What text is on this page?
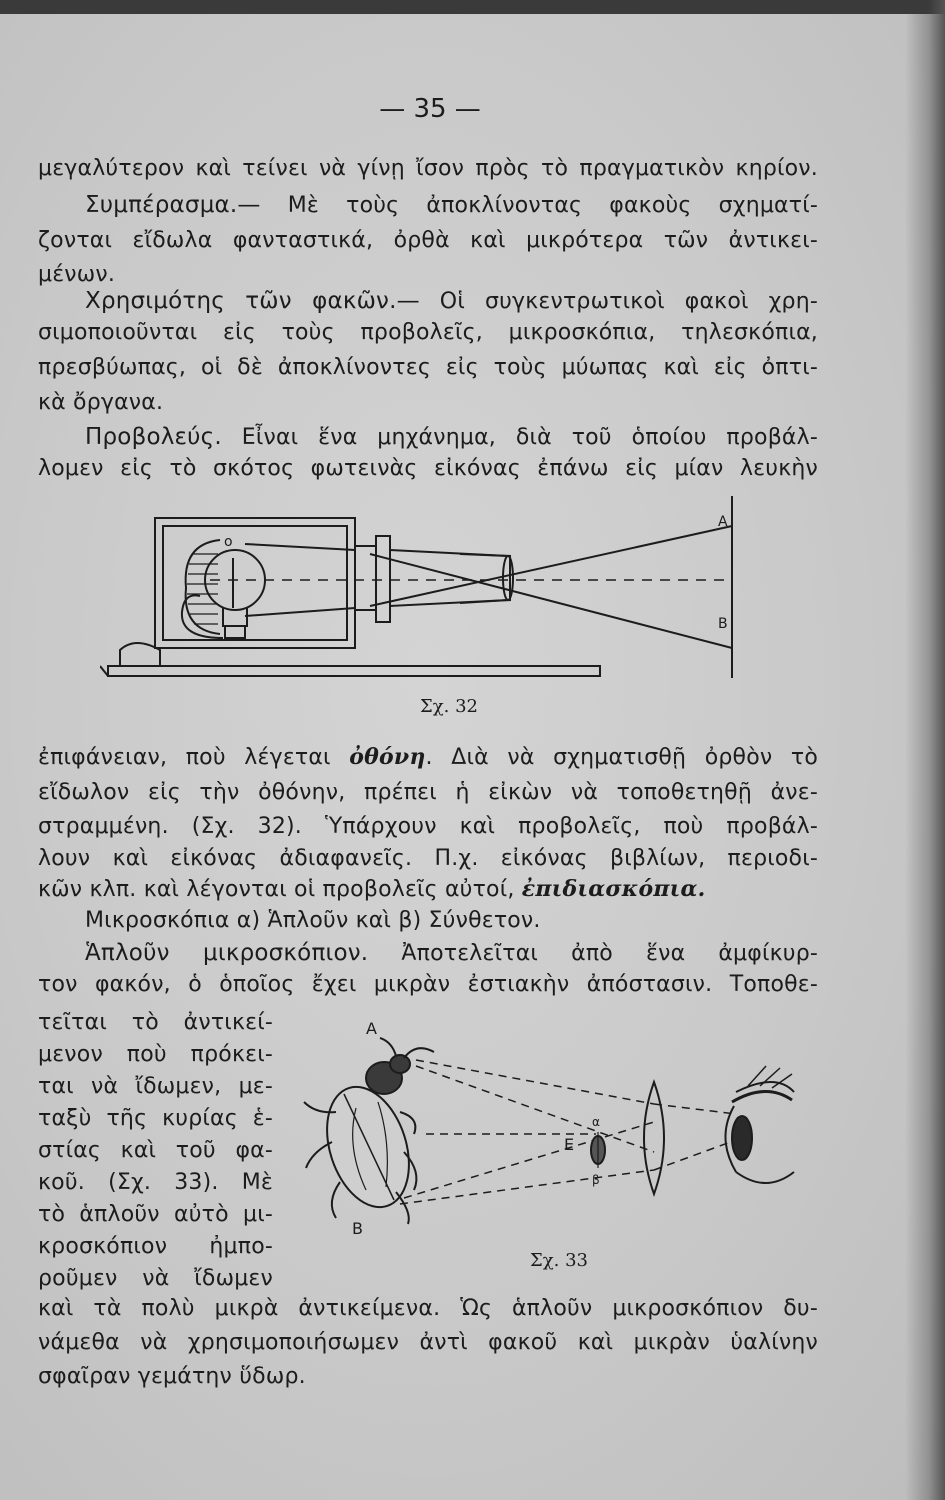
— 35 —
μεγαλύτερον καὶ τείνει νὰ γίνῃ ἴσον πρὸς τὸ πραγματικὸν κηρίον.
Συμπέρασμα.— Μὲ τοὺς ἀποκλίνοντας φακοὺς σχηματί-
ζονται εἴδωλα φανταστικά, ὀρθὰ καὶ μικρότερα τῶν ἀντικει-
μένων.
Χρησιμότης τῶν φακῶν.— Οἱ συγκεντρωτικοὶ φακοὶ χρη-
σιμοποιοῦνται εἰς τοὺς προβολεῖς, μικροσκόπια, τηλεσκόπια,
πρεσβύωπας, οἱ δὲ ἀποκλίνοντες εἰς τοὺς μύωπας καὶ εἰς ὀπτι-
κὰ ὄργανα.
Προβολεύς. Εἶναι ἕνα μηχάνημα, διὰ τοῦ ὁποίου προβάλ-
λομεν εἰς τὸ σκότος φωτεινὰς εἰκόνας ἐπάνω εἰς μίαν λευκὴν
o
A
B
Σχ. 32
ἐπιφάνειαν, ποὺ λέγεται ὀθόνη. Διὰ νὰ σχηματισθῇ ὀρθὸν τὸ
εἴδωλον εἰς τὴν ὀθόνην, πρέπει ἡ εἰκὼν νὰ τοποθετηθῇ ἀνε-
στραμμένη. (Σχ. 32). Ὑπάρχουν καὶ προβολεῖς, ποὺ προβάλ-
λουν καὶ εἰκόνας ἀδιαφανεῖς. Π.χ. εἰκόνας βιβλίων, περιοδι-
κῶν κλπ. καὶ λέγονται οἱ προβολεῖς αὐτοί, ἐπιδιασκόπια.
Μικροσκόπια α) Ἁπλοῦν καὶ β) Σύνθετον.
Ἁπλοῦν μικροσκόπιον. Ἀποτελεῖται ἀπὸ ἕνα ἀμφίκυρ-
τον φακόν, ὁ ὁποῖος ἔχει μικρὰν ἐστιακὴν ἀπόστασιν. Τοποθε-
τεῖται τὸ ἀντικεί-
μενον ποὺ πρόκει-
ται νὰ ἴδωμεν, με-
ταξὺ τῆς κυρίας ἑ-
στίας καὶ τοῦ φα-
κοῦ. (Σχ. 33). Μὲ
τὸ ἁπλοῦν αὐτὸ μι-
κροσκόπιον ἠμπο-
ροῦμεν νὰ ἴδωμεν
Α
Β
Ε
α
β
Σχ. 33
καὶ τὰ πολὺ μικρὰ ἀντικείμενα. Ὡς ἁπλοῦν μικροσκόπιον δυ-
νάμεθα νὰ χρησιμοποιήσωμεν ἀντὶ φακοῦ καὶ μικρὰν ὑαλίνην
σφαῖραν γεμάτην ὕδωρ.
